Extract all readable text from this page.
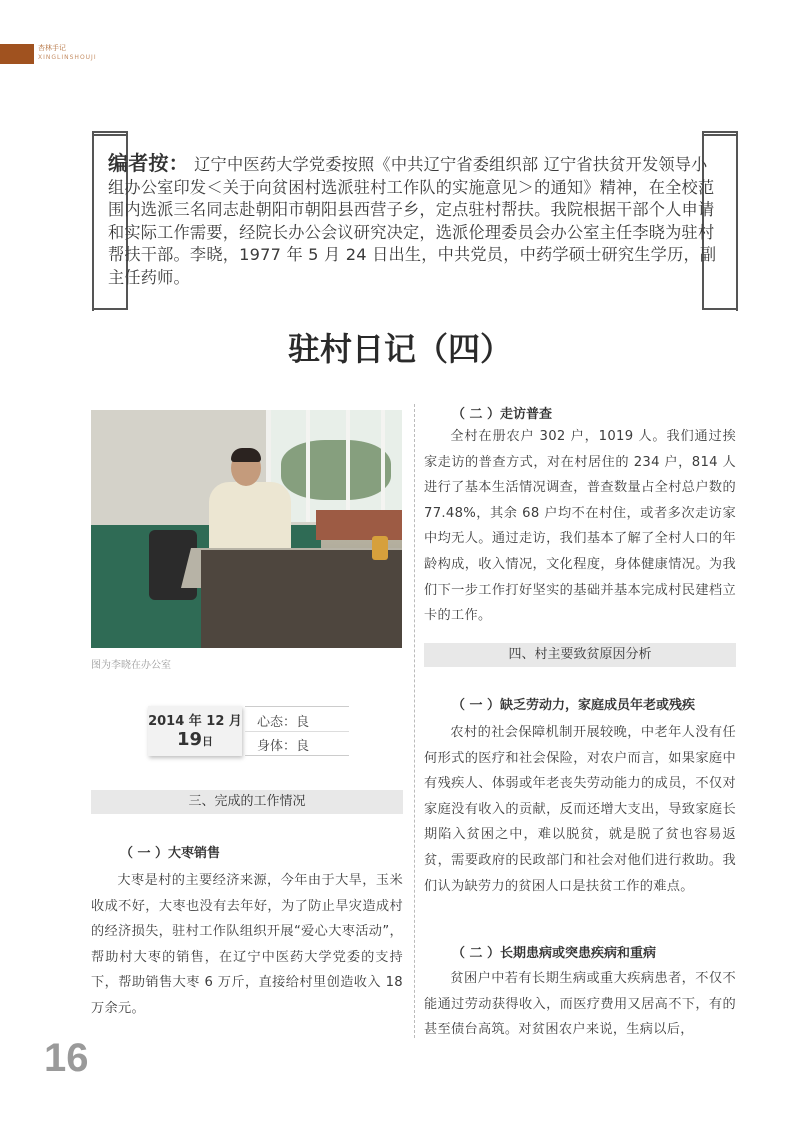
杏林手记
XINGLINSHOUJI
编者按： 辽宁中医药大学党委按照《中共辽宁省委组织部 辽宁省扶贫开发领导小组办公室印发＜关于向贫困村选派驻村工作队的实施意见＞的通知》精神，在全校范围内选派三名同志赴朝阳市朝阳县西营子乡，定点驻村帮扶。我院根据干部个人申请和实际工作需要，经院长办公会议研究决定，选派伦理委员会办公室主任李晓为驻村帮扶干部。李晓，1977 年 5 月 24 日出生，中共党员，中药学硕士研究生学历，副主任药师。
驻村日记（四）
图为李晓在办公室
2014 年 12 月
19日
心态：良
身体：良
三、完成的工作情况
（ 一 ）大枣销售
大枣是村的主要经济来源，今年由于大旱，玉米收成不好，大枣也没有去年好，为了防止旱灾造成村的经济损失，驻村工作队组织开展“爱心大枣活动”，帮助村大枣的销售，在辽宁中医药大学党委的支持下，帮助销售大枣 6 万斤，直接给村里创造收入 18 万余元。
（ 二 ）走访普查
全村在册农户 302 户，1019 人。我们通过挨家走访的普查方式，对在村居住的 234 户，814 人进行了基本生活情况调查，普查数量占全村总户数的 77.48%，其余 68 户均不在村住，或者多次走访家中均无人。通过走访，我们基本了解了全村人口的年龄构成，收入情况，文化程度，身体健康情况。为我们下一步工作打好坚实的基础并基本完成村民建档立卡的工作。
四、村主要致贫原因分析
（ 一 ）缺乏劳动力，家庭成员年老或残疾
农村的社会保障机制开展较晚，中老年人没有任何形式的医疗和社会保险，对农户而言，如果家庭中有残疾人、体弱或年老丧失劳动能力的成员，不仅对家庭没有收入的贡献，反而还增大支出，导致家庭长期陷入贫困之中，难以脱贫，就是脱了贫也容易返贫，需要政府的民政部门和社会对他们进行救助。我们认为缺劳力的贫困人口是扶贫工作的难点。
（ 二 ）长期患病或突患疾病和重病
贫困户中若有长期生病或重大疾病患者，不仅不能通过劳动获得收入，而医疗费用又居高不下，有的甚至债台高筑。对贫困农户来说，生病以后，
16
